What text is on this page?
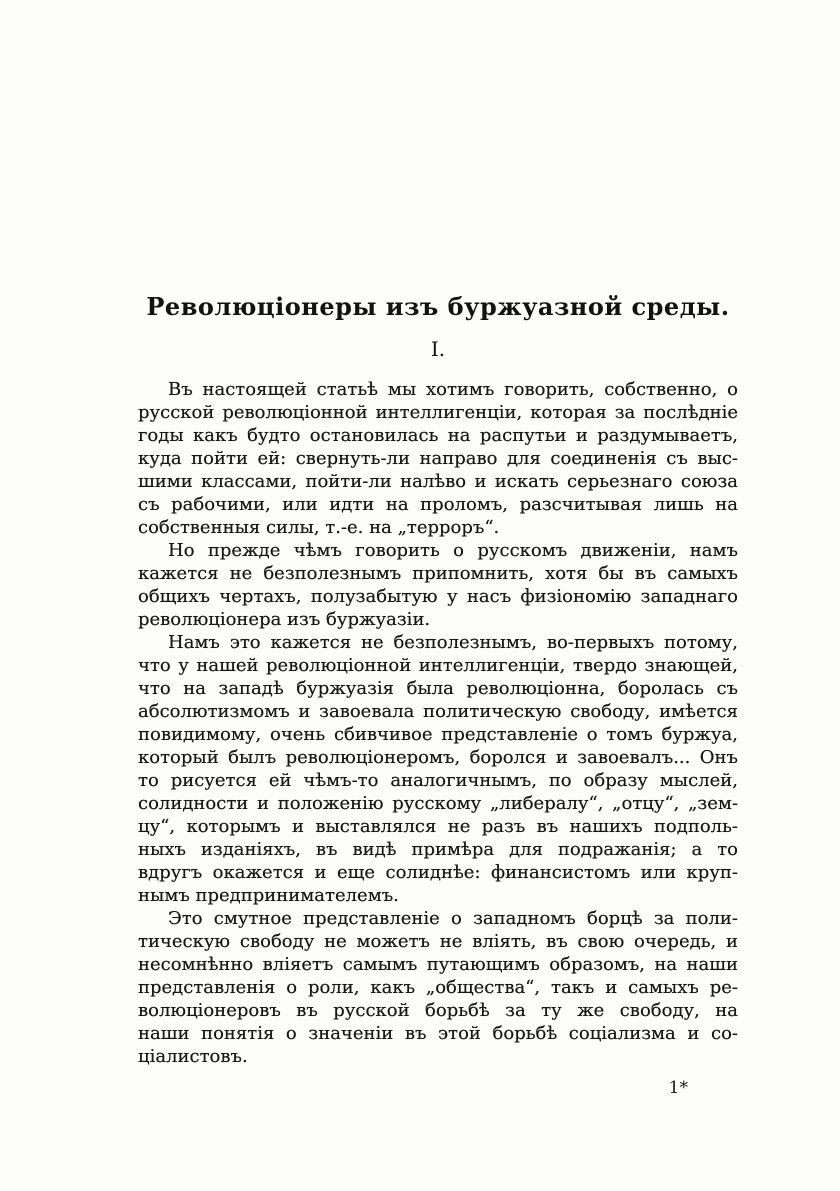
Революціонеры изъ буржуазной среды.
I.
Въ настоящей статьѣ мы хотимъ говорить, собственно, о
русской революціонной интеллигенціи, которая за послѣдніе
годы какъ будто остановилась на распутьи и раздумываетъ,
куда пойти ей: свернуть-ли направо для соединенія съ выс-
шими классами, пойти-ли налѣво и искать серьезнаго союза
съ рабочими, или идти на проломъ, разсчитывая лишь на
собственныя силы, т.-е. на „терроръ“.
Но прежде чѣмъ говорить о русскомъ движеніи, намъ
кажется не безполезнымъ припомнить, хотя бы въ самыхъ
общихъ чертахъ, полузабытую у насъ физіономію западнаго
революціонера изъ буржуазіи.
Намъ это кажется не безполезнымъ, во-первыхъ потому,
что у нашей революціонной интеллигенціи, твердо знающей,
что на западѣ буржуазія была революціонна, боролась съ
абсолютизмомъ и завоевала политическую свободу, имѣется
повидимому, очень сбивчивое представленіе о томъ буржуа,
который былъ революціонеромъ, боролся и завоевалъ... Онъ
то рисуется ей чѣмъ-то аналогичнымъ, по образу мыслей,
солидности и положенію русскому „либералу“, „отцу“, „зем-
цу“, которымъ и выставлялся не разъ въ нашихъ подполь-
ныхъ изданіяхъ, въ видѣ примѣра для подражанія; а то
вдругъ окажется и еще солиднѣе: финансистомъ или круп-
нымъ предпринимателемъ.
Это смутное представленіе о западномъ борцѣ за поли-
тическую свободу не можетъ не вліять, въ свою очередь, и
несомнѣнно вліяетъ самымъ путающимъ образомъ, на наши
представленія о роли, какъ „общества“, такъ и самыхъ ре-
волюціонеровъ въ русской борьбѣ за ту же свободу, на
наши понятія о значеніи въ этой борьбѣ соціализма и со-
ціалистовъ.
1*
